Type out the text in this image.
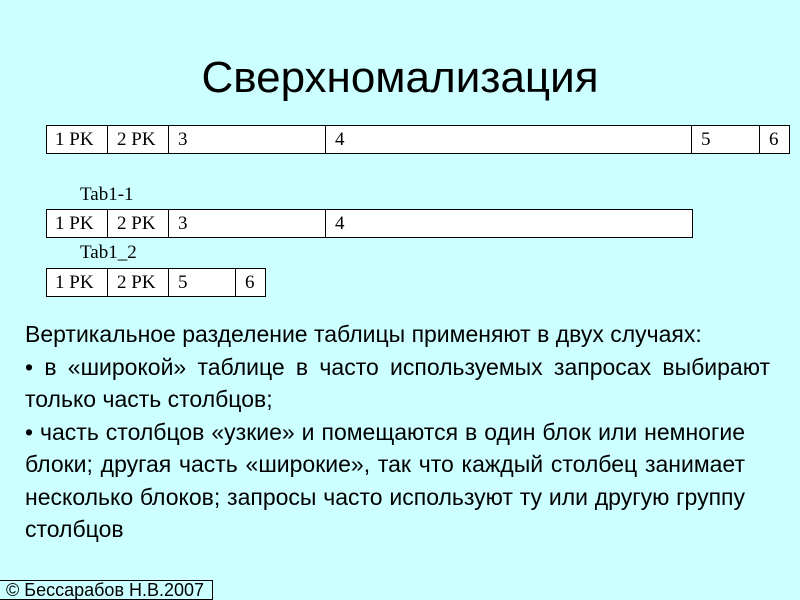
Сверхномализация
1 PK	2 PK	3	4	5	6
Tab1-1
1 PK	2 PK	3	4
Tab1_2
1 PK	2 PK	5	6

Вертикальное разделение таблицы применяют в двух случаях:

• в «широкой» таблице в часто используемых запросах выбирают только часть столбцов;

• часть столбцов «узкие» и помещаются в один блок или немногие блоки; другая часть «широкие», так что каждый столбец занимает несколько блоков; запросы часто используют ту или другую группу столбцов

© Бессарабов Н.В.2007
